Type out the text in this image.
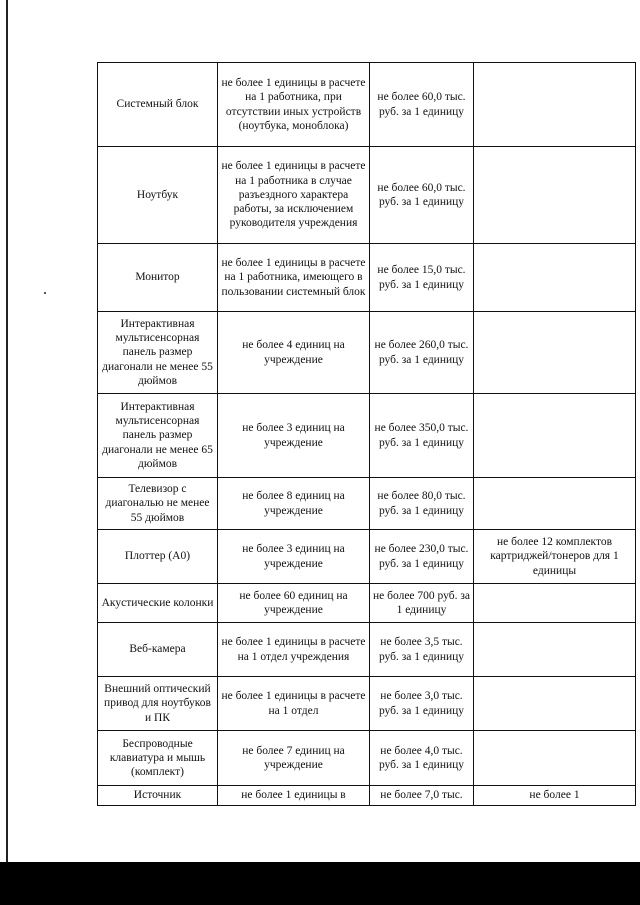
Системный блок	не более 1 единицы в расчете на 1 работника, при отсутствии иных устройств (ноутбука, моноблока)	не более 60,0 тыс. руб. за 1 единицу	
Ноутбук	не более 1 единицы в расчете на 1 работника в случае разъездного характера работы, за исключением руководителя учреждения	не более 60,0 тыс. руб. за 1 единицу	
Монитор	не более 1 единицы в расчете на 1 работника, имеющего в пользовании системный блок	не более 15,0 тыс. руб. за 1 единицу	
Интерактивная мультисенсорная панель размер диагонали не менее 55 дюймов	не более 4 единиц на учреждение	не более 260,0 тыс. руб. за 1 единицу	
Интерактивная мультисенсорная панель размер диагонали не менее 65 дюймов	не более 3 единиц на учреждение	не более 350,0 тыс. руб. за 1 единицу	
Телевизор с диагональю не менее 55 дюймов	не более 8 единиц на учреждение	не более 80,0 тыс. руб. за 1 единицу	
Плоттер (А0)	не более 3 единиц на учреждение	не более 230,0 тыс. руб. за 1 единицу	не более 12 комплектов картриджей/тонеров для 1 единицы
Акустические колонки	не более 60 единиц на учреждение	не более 700 руб. за 1 единицу	
Веб-камера	не более 1 единицы в расчете на 1 отдел учреждения	не более 3,5 тыс. руб. за 1 единицу	
Внешний оптический привод для ноутбуков и ПК	не более 1 единицы в расчете на 1 отдел	не более 3,0 тыс. руб. за 1 единицу	
Беспроводные клавиатура и мышь (комплект)	не более 7 единиц на учреждение	не более 4,0 тыс. руб. за 1 единицу	
Источник	не более 1 единицы в	не более 7,0 тыс.	не более 1
